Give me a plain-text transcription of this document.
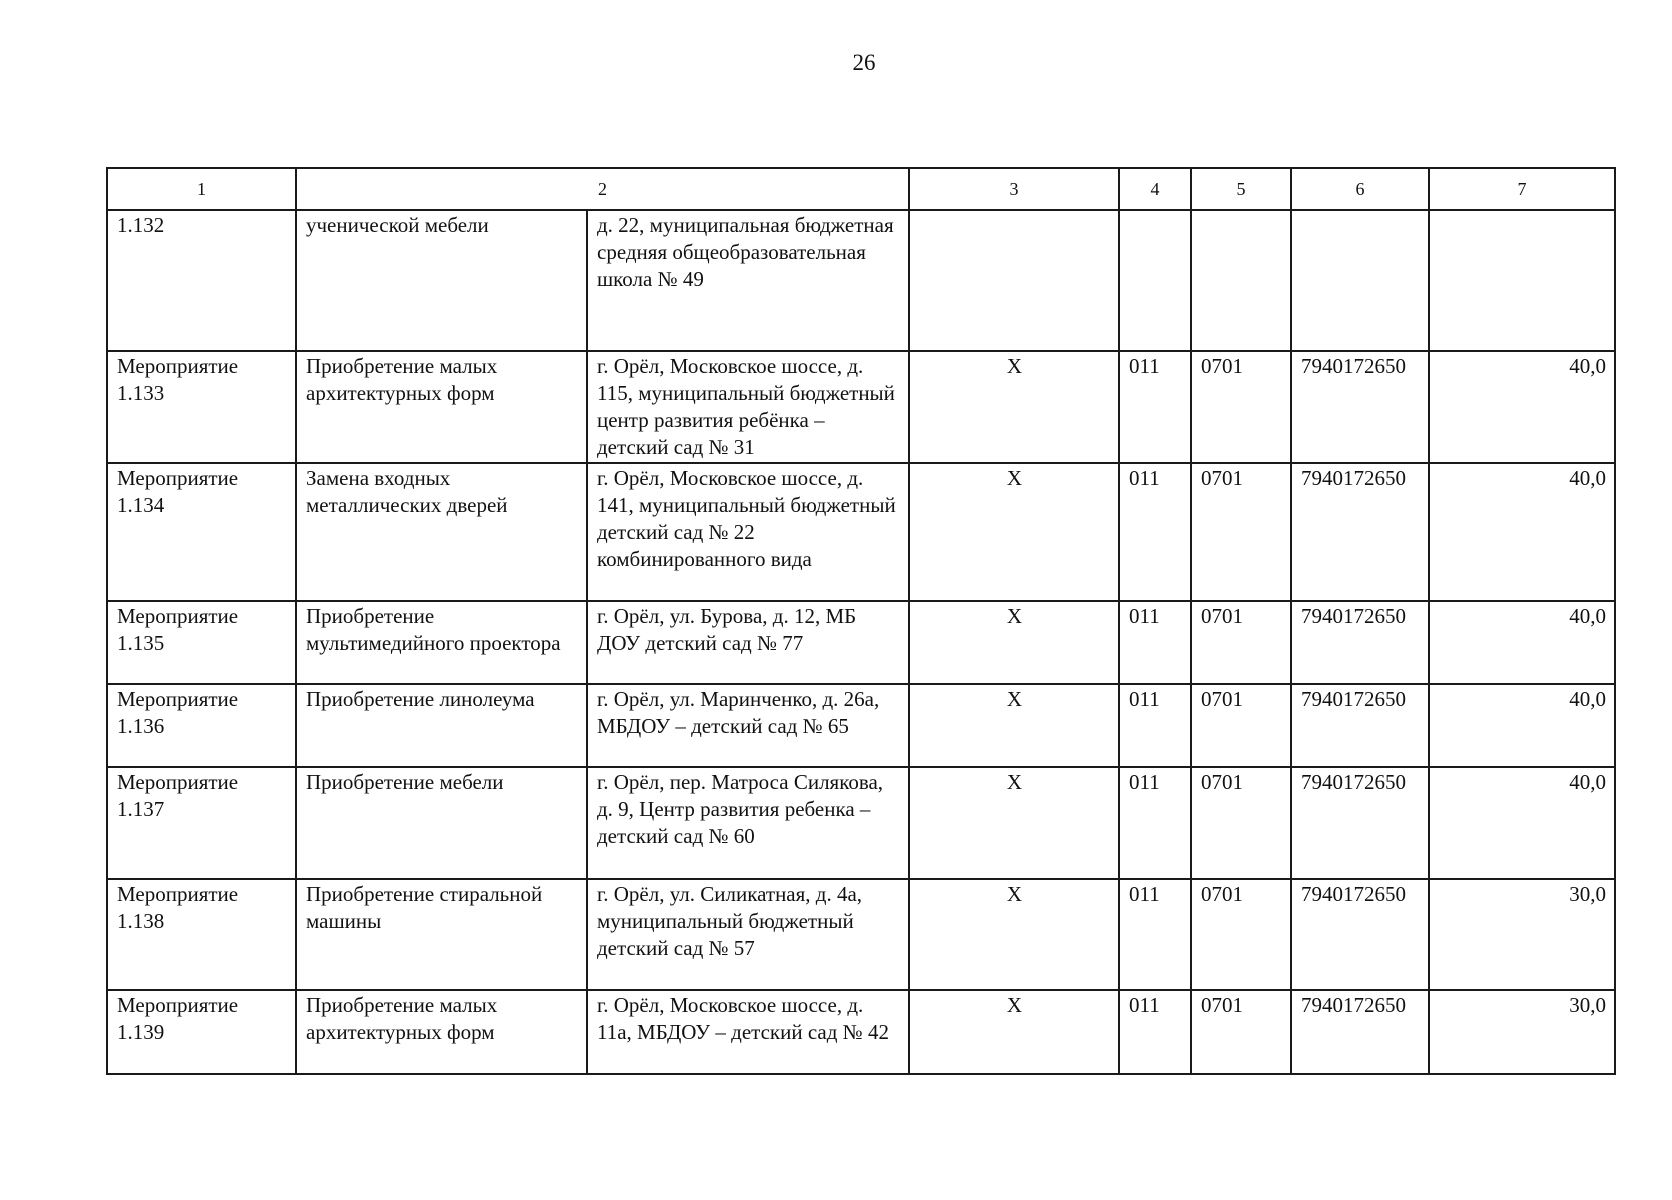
26
1	2		3	4	5	6	7
1.132	ученической мебели	д. 22, муниципальная бюджетная средняя общеобразовательная школа № 49					
Мероприятие 1.133	Приобретение малых архитектурных форм	г. Орёл, Московское шоссе, д. 115, муниципальный бюджетный центр развития ребёнка – детский сад № 31	Х	011	0701	7940172650	40,0
Мероприятие 1.134	Замена входных металлических дверей	г. Орёл, Московское шоссе, д. 141, муниципальный бюджетный детский сад № 22 комбинированного вида	Х	011	0701	7940172650	40,0
Мероприятие 1.135	Приобретение мультимедийного проектора	г. Орёл, ул. Бурова, д. 12, МБ ДОУ детский сад № 77	Х	011	0701	7940172650	40,0
Мероприятие 1.136	Приобретение линолеума	г. Орёл, ул. Маринченко, д. 26а, МБДОУ – детский сад № 65	Х	011	0701	7940172650	40,0
Мероприятие 1.137	Приобретение мебели	г. Орёл, пер. Матроса Силякова, д. 9, Центр развития ребенка – детский сад № 60	Х	011	0701	7940172650	40,0
Мероприятие 1.138	Приобретение стиральной машины	г. Орёл, ул. Силикатная, д. 4а, муниципальный бюджетный детский сад № 57	Х	011	0701	7940172650	30,0
Мероприятие 1.139	Приобретение малых архитектурных форм	г. Орёл, Московское шоссе, д. 11а, МБДОУ – детский сад № 42	Х	011	0701	7940172650	30,0
